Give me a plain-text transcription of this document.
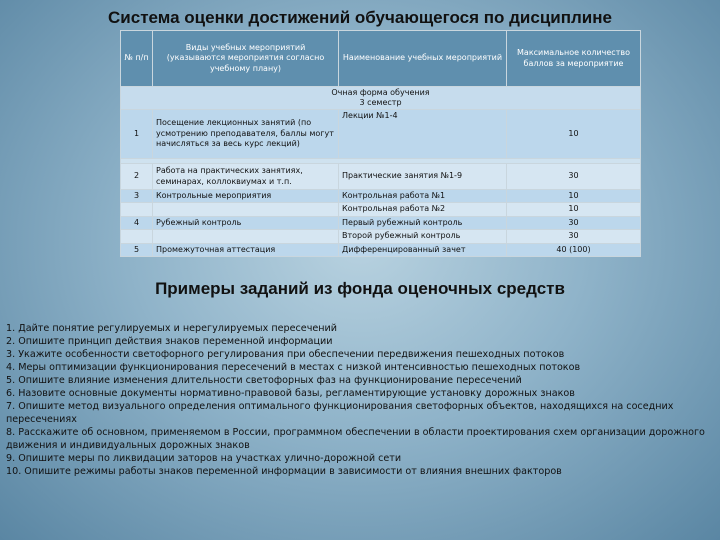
Система оценки достижений обучающегося по дисциплине
№ п/п	Виды учебных мероприятий (указываются мероприятия согласно учебному плану)	Наименование учебных мероприятий	Максимальное количество баллов за мероприятие

Очная форма обучения
3 семестр			

1	Посещение лекционных занятий (по усмотрению преподавателя, баллы могут начисляться за весь курс лекций)	Лекции №1-4	10

2	Работа на практических занятиях, семинарах, коллоквиумах и т.п.	Практические занятия №1-9	30
3	Контрольные мероприятия	Контрольная работа №1	10
		Контрольная работа №2	10
4	Рубежный контроль	Первый рубежный контроль	30
		Второй рубежный контроль	30
5	Промежуточная аттестация	Дифференцированный зачет	40 (100)
Примеры заданий из фонда оценочных средств
1. Дайте понятие регулируемых и нерегулируемых пересечений
2. Опишите принцип действия знаков переменной информации
3. Укажите особенности светофорного регулирования при обеспечении передвижения пешеходных потоков
4. Меры оптимизации функционирования пересечений в местах с низкой интенсивностью пешеходных потоков
5. Опишите влияние изменения длительности светофорных фаз на функционирование пересечений
6. Назовите основные документы нормативно-правовой базы, регламентирующие установку дорожных знаков
7. Опишите метод визуального определения оптимального функционирования светофорных объектов, находящихся на соседних пересечениях
8. Расскажите об основном, применяемом в России, программном обеспечении в области проектирования схем организации дорожного движения и индивидуальных дорожных знаков
9. Опишите меры по ликвидации заторов на участках улично-дорожной сети
10. Опишите режимы работы знаков переменной информации в зависимости от влияния внешних факторов
